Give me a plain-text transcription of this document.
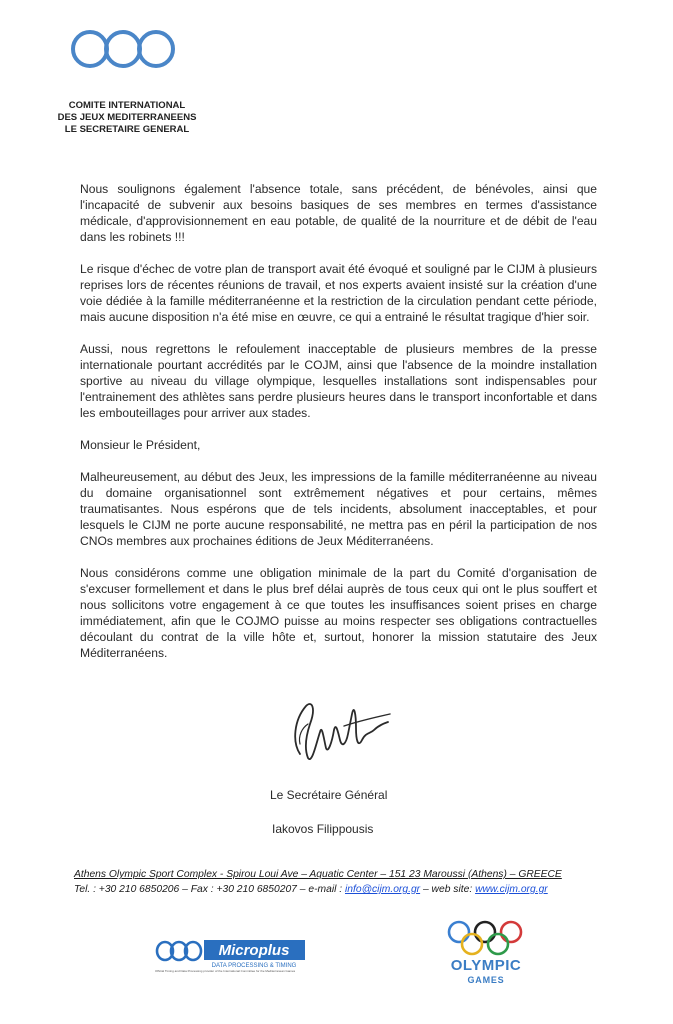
COMITE INTERNATIONAL
DES JEUX MEDITERRANEENS
LE SECRETAIRE GENERAL

Nous soulignons également l'absence totale, sans précédent, de bénévoles, ainsi que l'incapacité de subvenir aux besoins basiques de ses membres en termes d'assistance médicale, d'approvisionnement en eau potable, de qualité de la nourriture et de débit de l'eau dans les robinets !!!

Le risque d'échec de votre plan de transport avait été évoqué et souligné par le CIJM à plusieurs reprises lors de récentes réunions de travail, et nos experts avaient insisté sur la création d'une voie dédiée à la famille méditerranéenne et la restriction de la circulation pendant cette période, mais aucune disposition n'a été mise en œuvre, ce qui a entrainé le résultat tragique d'hier soir.

Aussi, nous regrettons le refoulement inacceptable de plusieurs membres de la presse internationale pourtant accrédités par le COJM, ainsi que l'absence de la moindre installation sportive au niveau du village olympique, lesquelles installations sont indispensables pour l'entrainement des athlètes sans perdre plusieurs heures dans le transport inconfortable et dans les embouteillages pour arriver aux stades.

Monsieur le Président,

Malheureusement, au début des Jeux, les impressions de la famille méditerranéenne au niveau du domaine organisationnel sont extrêmement négatives et pour certains, mêmes traumatisantes. Nous espérons que de tels incidents, absolument inacceptables, et pour lesquels le CIJM ne porte aucune responsabilité, ne mettra pas en péril la participation de nos CNOs membres aux prochaines éditions de Jeux Méditerranéens.

Nous considérons comme une obligation minimale de la part du Comité d'organisation de s'excuser formellement et dans le plus bref délai auprès de tous ceux qui ont le plus souffert et nous sollicitons votre engagement à ce que toutes les insuffisances soient prises en charge immédiatement, afin que le COJMO puisse au moins respecter ses obligations contractuelles découlant du contrat de la ville hôte et, surtout, honorer la mission statutaire des Jeux Méditerranéens.

Le Secrétaire Général
Iakovos Filippousis
Athens Olympic Sport Complex - Spirou Loui Ave – Aquatic Center – 151 23 Maroussi (Athens) – GREECE
Tel. : +30 210 6850206 – Fax : +30 210 6850207 – e-mail : info@cijm.org.gr – web site: www.cijm.org.gr
Microplus
DATA PROCESSING & TIMING
Official Timing and Data Processing provider of the International Committee for the Mediterranean Games	OLYMPIC
GAMES
